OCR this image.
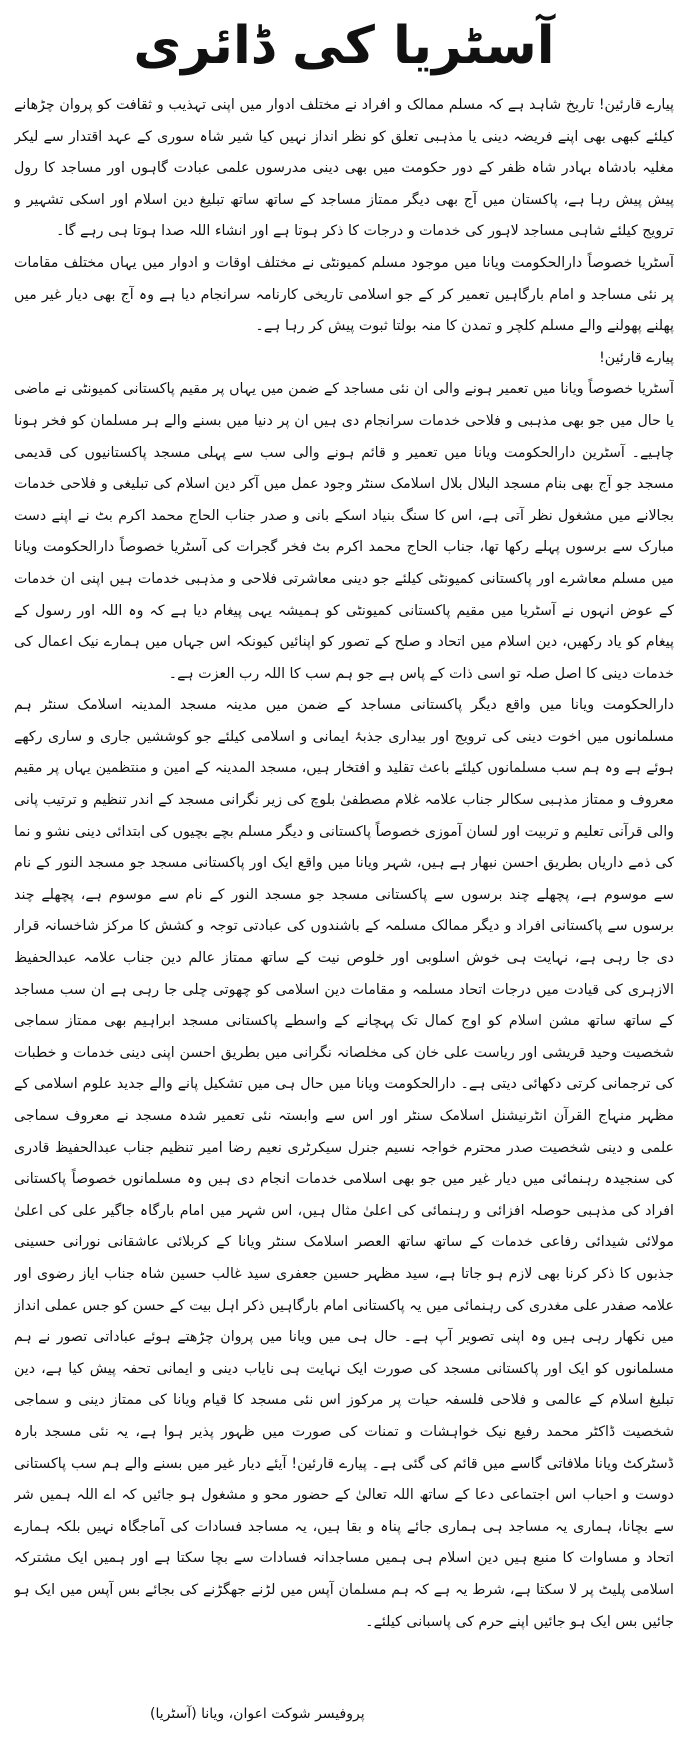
آسٹریا کی ڈائری

پیارے قارئین! تاریخ شاہد ہے کہ مسلم ممالک و افراد نے مختلف ادوار میں اپنی تہذیب و ثقافت کو پروان چڑھانے کیلئے کبھی بھی اپنے فریضہ دینی یا مذہبی تعلق کو نظر انداز نہیں کیا شیر شاہ سوری کے عہد اقتدار سے لیکر مغلیہ بادشاہ بہادر شاہ ظفر کے دور حکومت میں بھی دینی مدرسوں علمی عبادت گاہوں اور مساجد کا رول پیش پیش رہا ہے، پاکستان میں آج بھی دیگر ممتاز مساجد کے ساتھ ساتھ تبلیغ دین اسلام اور اسکی تشہیر و ترویج کیلئے شاہی مساجد لاہور کی خدمات و درجات کا ذکر ہوتا ہے اور انشاء اللہ صدا ہوتا ہی رہے گا۔

آسٹریا خصوصاً دارالحکومت ویانا میں موجود مسلم کمیونٹی نے مختلف اوقات و ادوار میں یہاں مختلف مقامات پر نئی مساجد و امام بارگاہیں تعمیر کر کے جو اسلامی تاریخی کارنامہ سرانجام دیا ہے وہ آج بھی دیار غیر میں پھلنے پھولنے والے مسلم کلچر و تمدن کا منہ بولتا ثبوت پیش کر رہا ہے۔

پیارے قارئین!

آسٹریا خصوصاً ویانا میں تعمیر ہونے والی ان نئی مساجد کے ضمن میں یہاں پر مقیم پاکستانی کمیونٹی نے ماضی یا حال میں جو بھی مذہبی و فلاحی خدمات سرانجام دی ہیں ان پر دنیا میں بسنے والے ہر مسلمان کو فخر ہونا چاہیے۔ آسٹرین دارالحکومت ویانا میں تعمیر و قائم ہونے والی سب سے پہلی مسجد پاکستانیوں کی قدیمی مسجد جو آج بھی بنام مسجد البلال بلال اسلامک سنٹر وجود عمل میں آکر دین اسلام کی تبلیغی و فلاحی خدمات بجالانے میں مشغول نظر آتی ہے، اس کا سنگ بنیاد اسکے بانی و صدر جناب الحاج محمد اکرم بٹ نے اپنے دست مبارک سے برسوں پہلے رکھا تھا، جناب الحاج محمد اکرم بٹ فخر گجرات کی آسٹریا خصوصاً دارالحکومت ویانا میں مسلم معاشرے اور پاکستانی کمیونٹی کیلئے جو دینی معاشرتی فلاحی و مذہبی خدمات ہیں اپنی ان خدمات کے عوض انہوں نے آسٹریا میں مقیم پاکستانی کمیونٹی کو ہمیشہ یہی پیغام دیا ہے کہ وہ اللہ اور رسول کے پیغام کو یاد رکھیں، دین اسلام میں اتحاد و صلح کے تصور کو اپنائیں کیونکہ اس جہاں میں ہمارے نیک اعمال کی خدمات دینی کا اصل صلہ تو اسی ذات کے پاس ہے جو ہم سب کا اللہ رب العزت ہے۔

دارالحکومت ویانا میں واقع دیگر پاکستانی مساجد کے ضمن میں مدینہ مسجد المدینہ اسلامک سنٹر ہم مسلمانوں میں اخوت دینی کی ترویج اور بیداری جذبۂ ایمانی و اسلامی کیلئے جو کوششیں جاری و ساری رکھے ہوئے ہے وہ ہم سب مسلمانوں کیلئے باعث تقلید و افتخار ہیں، مسجد المدینہ کے امین و منتظمین یہاں پر مقیم معروف و ممتاز مذہبی سکالر جناب علامہ غلام مصطفیٰ بلوچ کی زیر نگرانی مسجد کے اندر تنظیم و ترتیب پانی والی قرآنی تعلیم و تربیت اور لسان آموزی خصوصاً پاکستانی و دیگر مسلم بچے بچیوں کی ابتدائی دینی نشو و نما کی ذمے داریاں بطریق احسن نبھار ہے ہیں، شہر ویانا میں واقع ایک اور پاکستانی مسجد جو مسجد النور کے نام سے موسوم ہے، پچھلے چند برسوں سے پاکستانی مسجد جو مسجد النور کے نام سے موسوم ہے، پچھلے چند برسوں سے پاکستانی افراد و دیگر ممالک مسلمہ کے باشندوں کی عبادتی توجہ و کشش کا مرکز شاخسانہ قرار دی جا رہی ہے، نہایت ہی خوش اسلوبی اور خلوص نیت کے ساتھ ممتاز عالم دین جناب علامہ عبدالحفیظ الازہری کی قیادت میں درجات اتحاد مسلمہ و مقامات دین اسلامی کو چھوتی چلی جا رہی ہے ان سب مساجد کے ساتھ ساتھ مشن اسلام کو اوج کمال تک پہچانے کے واسطے پاکستانی مسجد ابراہیم بھی ممتاز سماجی شخصیت وحید قریشی اور ریاست علی خان کی مخلصانہ نگرانی میں بطریق احسن اپنی دینی خدمات و خطبات کی ترجمانی کرتی دکھائی دیتی ہے۔ دارالحکومت ویانا میں حال ہی میں تشکیل پانے والے جدید علوم اسلامی کے مظہر منہاج القرآن انٹرنیشنل اسلامک سنٹر اور اس سے وابستہ نئی تعمیر شدہ مسجد نے معروف سماجی علمی و دینی شخصیت صدر محترم خواجہ نسیم جنرل سیکرٹری نعیم رضا امیر تنظیم جناب عبدالحفیظ قادری کی سنجیدہ رہنمائی میں دیار غیر میں جو بھی اسلامی خدمات انجام دی ہیں وہ مسلمانوں خصوصاً پاکستانی افراد کی مذہبی حوصلہ افزائی و رہنمائی کی اعلیٰ مثال ہیں، اس شہر میں امام بارگاہ جاگیر علی کی اعلیٰ مولائی شیدائی رفاعی خدمات کے ساتھ ساتھ العصر اسلامک سنٹر ویانا کے کربلائی عاشقانی نورانی حسینی جذبوں کا ذکر کرنا بھی لازم ہو جاتا ہے، سید مظہر حسین جعفری سید غالب حسین شاہ جناب ایاز رضوی اور علامہ صفدر علی مغدری کی رہنمائی میں یہ پاکستانی امام بارگاہیں ذکر اہل بیت کے حسن کو جس عملی انداز میں نکھار رہی ہیں وہ اپنی تصویر آپ ہے۔ حال ہی میں ویانا میں پروان چڑھتے ہوئے عباداتی تصور نے ہم مسلمانوں کو ایک اور پاکستانی مسجد کی صورت ایک نہایت ہی نایاب دینی و ایمانی تحفہ پیش کیا ہے، دین تبلیغ اسلام کے عالمی و فلاحی فلسفہ حیات پر مرکوز اس نئی مسجد کا قیام ویانا کی ممتاز دینی و سماجی شخصیت ڈاکٹر محمد رفیع نیک خواہشات و تمنات کی صورت میں ظہور پذیر ہوا ہے، یہ نئی مسجد بارہ ڈسٹرکٹ ویانا ملافاتی گاسے میں قائم کی گئی ہے۔ پیارے قارئین! آیئے دیار غیر میں بسنے والے ہم سب پاکستانی دوست و احباب اس اجتماعی دعا کے ساتھ اللہ تعالیٰ کے حضور محو و مشغول ہو جائیں کہ اے اللہ ہمیں شر سے بچانا، ہماری یہ مساجد ہی ہماری جائے پناہ و بقا ہیں، یہ مساجد فسادات کی آماجگاہ نہیں بلکہ ہمارے اتحاد و مساوات کا منبع ہیں دین اسلام ہی ہمیں مساجدانہ فسادات سے بچا سکتا ہے اور ہمیں ایک مشترکہ اسلامی پلیٹ پر لا سکتا ہے، شرط یہ ہے کہ ہم مسلمان آپس میں لڑنے جھگڑنے کی بجائے بس آپس میں ایک ہو جائیں بس ایک ہو جائیں اپنے حرم کی پاسبانی کیلئے۔

پروفیسر شوکت اعوان، ویانا (آسٹریا)
